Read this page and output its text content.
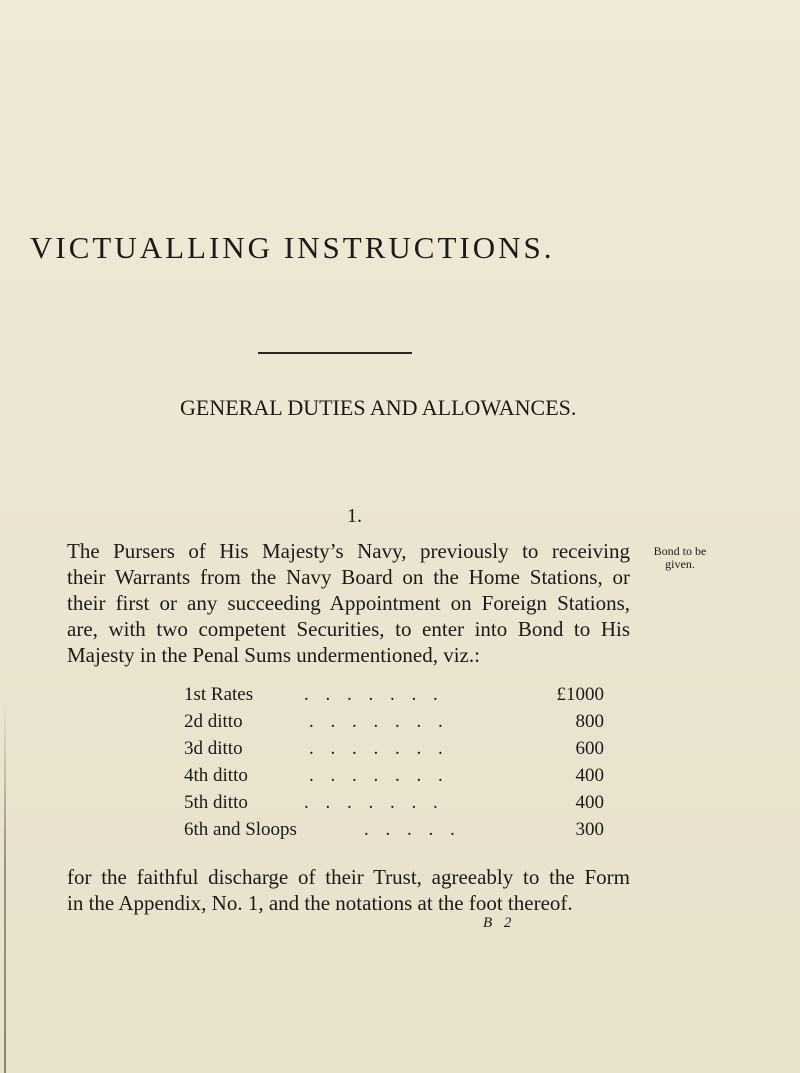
VICTUALLING INSTRUCTIONS.
GENERAL DUTIES AND ALLOWANCES.
1.
Bond to be given.

The Pursers of His Majesty’s Navy, previously to receiving

their Warrants from the Navy Board on the Home Stations, or

their first or any succeeding Appointment on Foreign Stations,

are, with two competent Securities, to enter into Bond to His

Majesty in the Penal Sums undermentioned, viz.:

1st Rates	. . . . . . .	£1000
2d ditto	. . . . . . .	800
3d ditto	. . . . . . .	600
4th ditto	. . . . . . .	400
5th ditto	. . . . . . .	400
6th and Sloops	. . . . .	300

for the faithful discharge of their Trust, agreeably to the Form

in the Appendix, No. 1, and the notations at the foot thereof.

B 2
